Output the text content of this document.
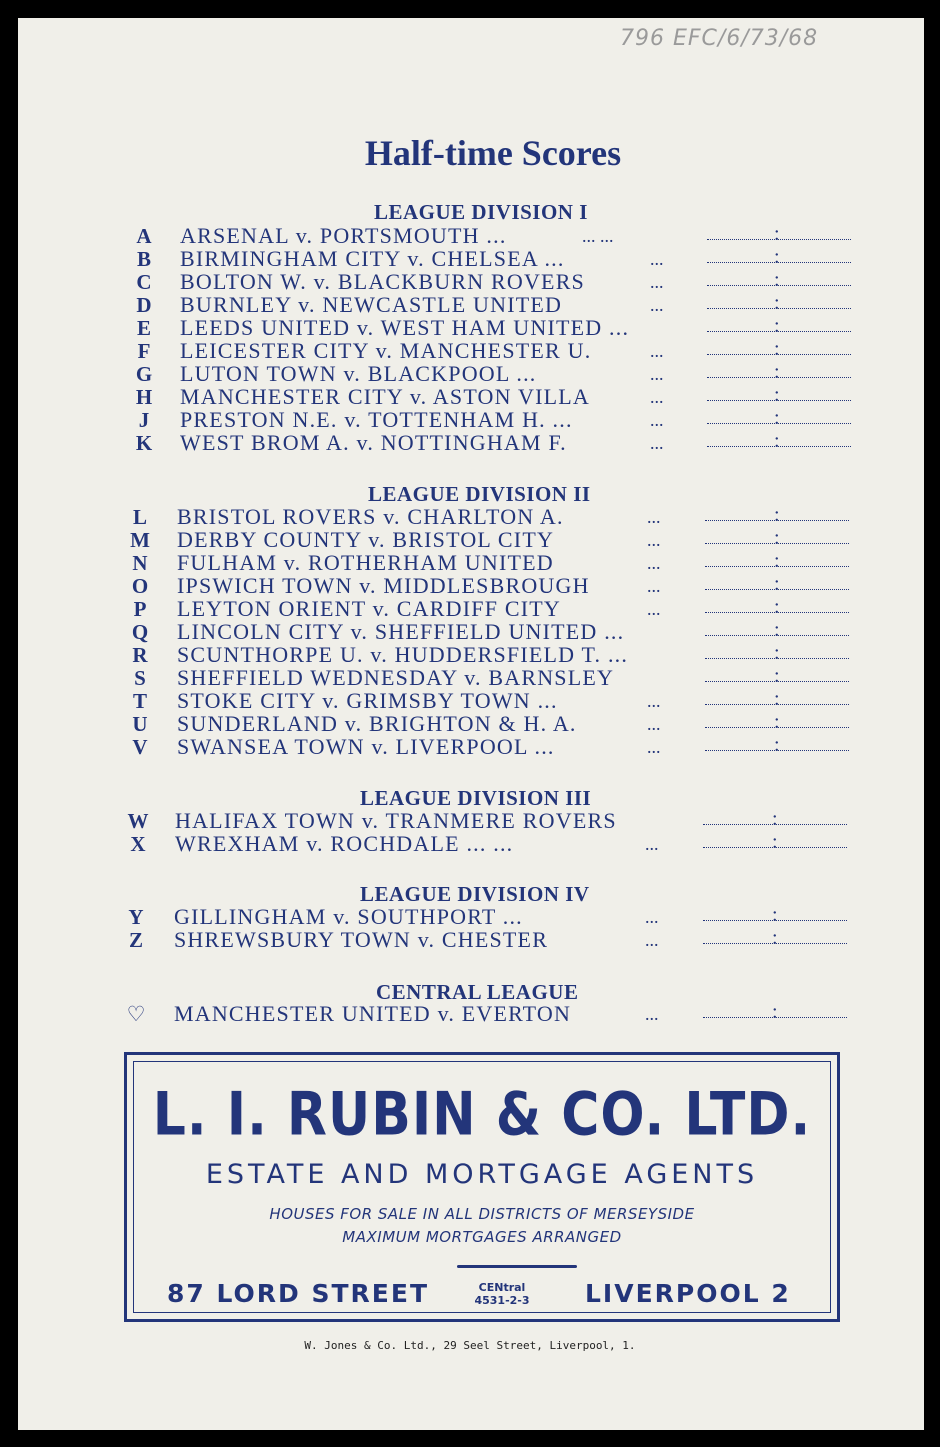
796 EFC/6/73/68
Half-time Scores
LEAGUE DIVISION I
A ARSENAL v. PORTSMOUTH ...	... ...	:
B BIRMINGHAM CITY v. CHELSEA ...	...	:
C BOLTON W. v. BLACKBURN ROVERS	...	:
D BURNLEY v. NEWCASTLE UNITED	...	:
E LEEDS UNITED v. WEST HAM UNITED ...	:
F LEICESTER CITY v. MANCHESTER U.	...	:
G LUTON TOWN v. BLACKPOOL ...	...	:
H MANCHESTER CITY v. ASTON VILLA	...	:
J	PRESTON N.E. v. TOTTENHAM H. ...	...	:
K WEST BROM A. v. NOTTINGHAM F.	...	:
LEAGUE DIVISION II
L BRISTOL ROVERS v. CHARLTON A.	...	:
M DERBY COUNTY v. BRISTOL CITY	...	:
N FULHAM v. ROTHERHAM UNITED	...	:
O IPSWICH TOWN v. MIDDLESBROUGH	...	:
P LEYTON ORIENT v. CARDIFF CITY	...	:
Q LINCOLN CITY v. SHEFFIELD UNITED ...	:
R SCUNTHORPE U. v. HUDDERSFIELD T. ...	:
S SHEFFIELD WEDNESDAY v. BARNSLEY	:
T STOKE CITY v. GRIMSBY TOWN ...	...	:
U SUNDERLAND v. BRIGHTON & H. A.	...	:
V SWANSEA TOWN v. LIVERPOOL ...	...	:
LEAGUE DIVISION III
W HALIFAX TOWN v. TRANMERE ROVERS	:
X WREXHAM v. ROCHDALE ... ...	...	:
LEAGUE DIVISION IV
Y GILLINGHAM v. SOUTHPORT ...	...	:
Z SHREWSBURY TOWN v. CHESTER	...	:
CENTRAL LEAGUE
♡ MANCHESTER UNITED v. EVERTON	...	:
L. I. RUBIN & CO. LTD.
ESTATE AND MORTGAGE AGENTS
HOUSES FOR SALE IN ALL DISTRICTS OF MERSEYSIDE
MAXIMUM MORTGAGES ARRANGED
87 LORD STREET	CENtral
4531-2-3 LIVERPOOL 2
W. Jones & Co. Ltd., 29 Seel Street, Liverpool, 1.
